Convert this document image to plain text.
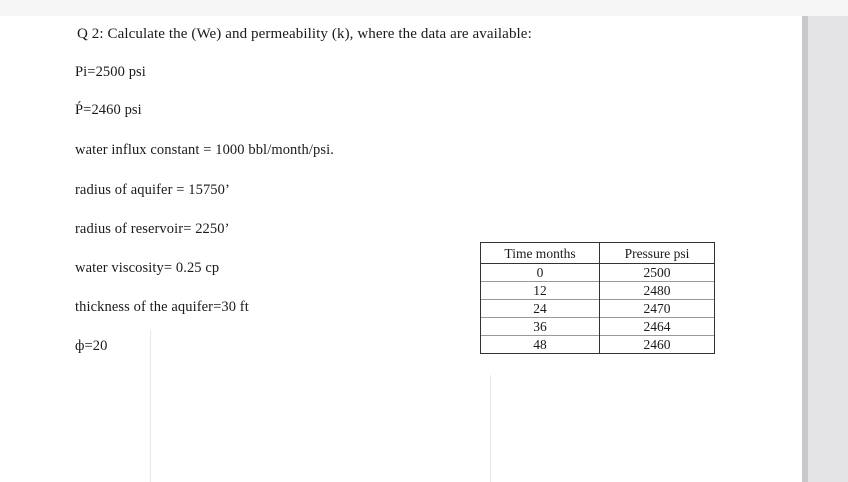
Q 2: Calculate the (We) and permeability (k), where the data are available:
Pi=2500 psi
Ṕ=2460 psi
water influx constant = 1000 bbl/month/psi.
radius of aquifer = 15750’
radius of reservoir= 2250’
water viscosity= 0.25 cp
thickness of the aquifer=30 ft
ф=20
Time months	Pressure psi
0	2500
12	2480
24	2470
36	2464
48	2460
